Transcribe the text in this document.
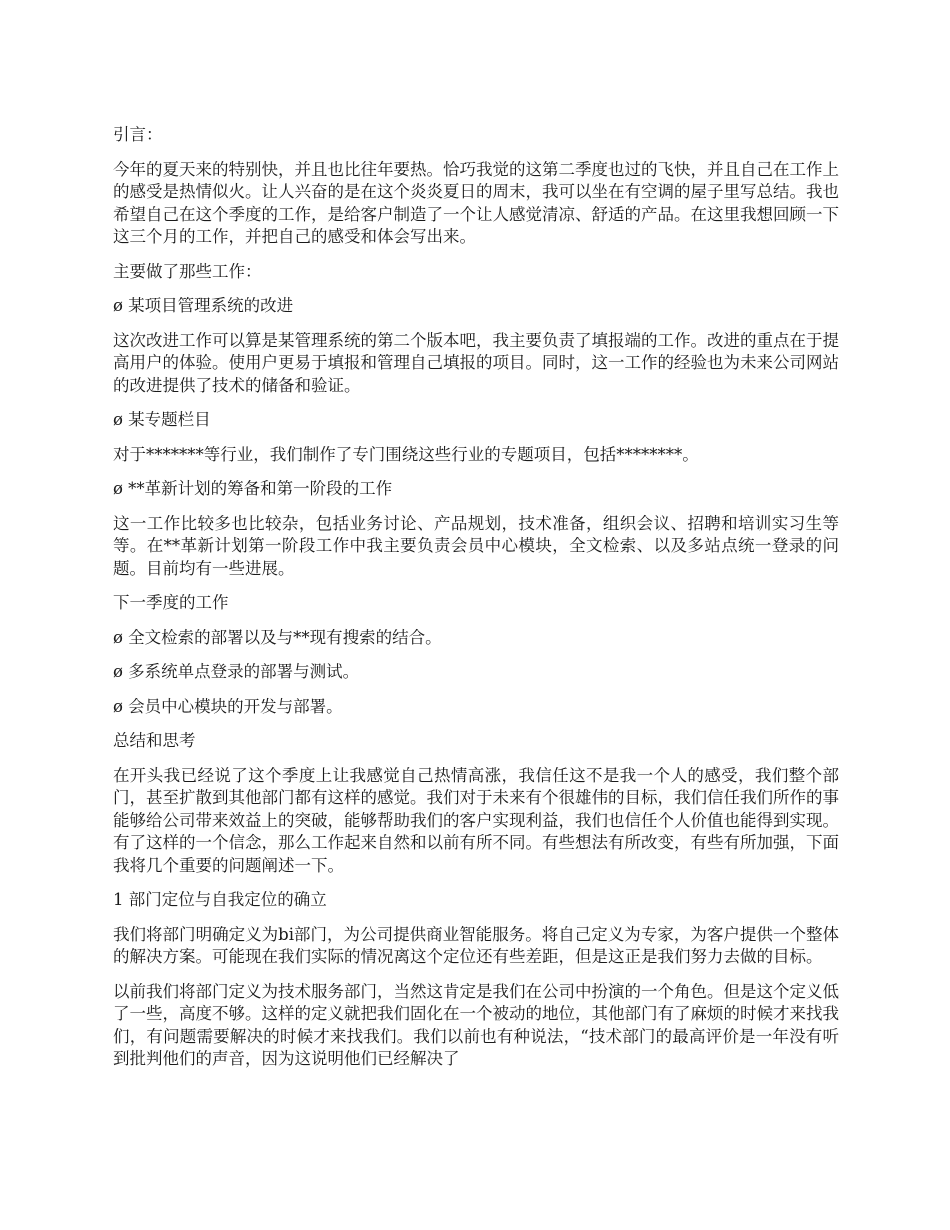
引言：

今年的夏天来的特别快，并且也比往年要热。恰巧我觉的这第二季度也过的飞快，并且自己在工作上的感受是热情似火。让人兴奋的是在这个炎炎夏日的周末，我可以坐在有空调的屋子里写总结。我也希望自己在这个季度的工作，是给客户制造了一个让人感觉清凉、舒适的产品。在这里我想回顾一下这三个月的工作，并把自己的感受和体会写出来。

主要做了那些工作：

ø 某项目管理系统的改进

这次改进工作可以算是某管理系统的第二个版本吧，我主要负责了填报端的工作。改进的重点在于提高用户的体验。使用户更易于填报和管理自己填报的项目。同时，这一工作的经验也为未来公司网站的改进提供了技术的储备和验证。

ø 某专题栏目

对于*******等行业，我们制作了专门围绕这些行业的专题项目，包括********。

ø **革新计划的筹备和第一阶段的工作

这一工作比较多也比较杂，包括业务讨论、产品规划，技术准备，组织会议、招聘和培训实习生等等。在**革新计划第一阶段工作中我主要负责会员中心模块，全文检索、以及多站点统一登录的问题。目前均有一些进展。

下一季度的工作

ø 全文检索的部署以及与**现有搜索的结合。

ø 多系统单点登录的部署与测试。

ø 会员中心模块的开发与部署。

总结和思考

在开头我已经说了这个季度上让我感觉自己热情高涨，我信任这不是我一个人的感受，我们整个部门，甚至扩散到其他部门都有这样的感觉。我们对于未来有个很雄伟的目标，我们信任我们所作的事能够给公司带来效益上的突破，能够帮助我们的客户实现利益，我们也信任个人价值也能得到实现。有了这样的一个信念，那么工作起来自然和以前有所不同。有些想法有所改变，有些有所加强，下面我将几个重要的问题阐述一下。

1 部门定位与自我定位的确立

我们将部门明确定义为bi部门，为公司提供商业智能服务。将自己定义为专家，为客户提供一个整体的解决方案。可能现在我们实际的情况离这个定位还有些差距，但是这正是我们努力去做的目标。

以前我们将部门定义为技术服务部门，当然这肯定是我们在公司中扮演的一个角色。但是这个定义低了一些，高度不够。这样的定义就把我们固化在一个被动的地位，其他部门有了麻烦的时候才来找我们，有问题需要解决的时候才来找我们。我们以前也有种说法，“技术部门的最高评价是一年没有听到批判他们的声音，因为这说明他们已经解决了
